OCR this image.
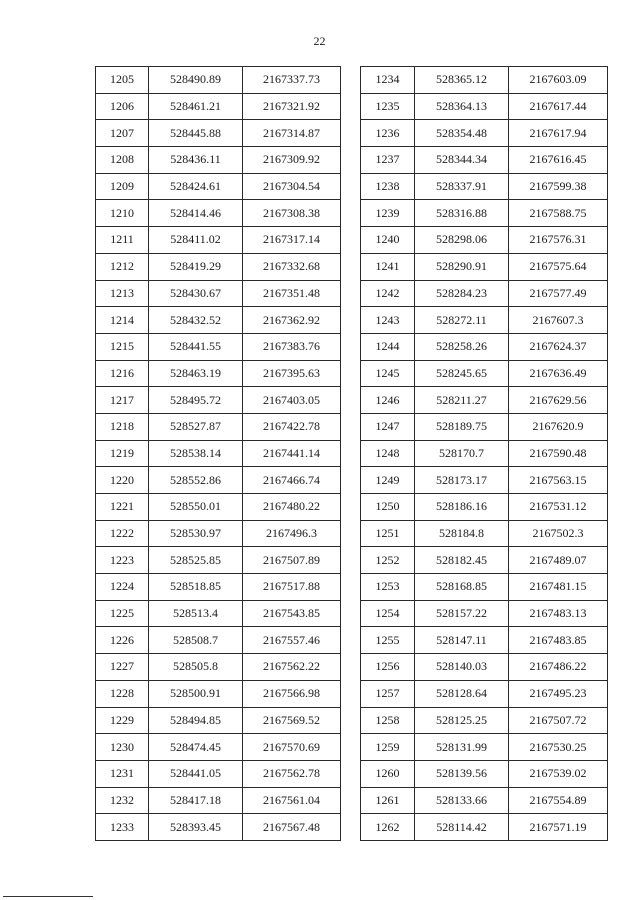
22
1205	528490.89	2167337.73
1206	528461.21	2167321.92
1207	528445.88	2167314.87
1208	528436.11	2167309.92
1209	528424.61	2167304.54
1210	528414.46	2167308.38
1211	528411.02	2167317.14
1212	528419.29	2167332.68
1213	528430.67	2167351.48
1214	528432.52	2167362.92
1215	528441.55	2167383.76
1216	528463.19	2167395.63
1217	528495.72	2167403.05
1218	528527.87	2167422.78
1219	528538.14	2167441.14
1220	528552.86	2167466.74
1221	528550.01	2167480.22
1222	528530.97	2167496.3
1223	528525.85	2167507.89
1224	528518.85	2167517.88
1225	528513.4	2167543.85
1226	528508.7	2167557.46
1227	528505.8	2167562.22
1228	528500.91	2167566.98
1229	528494.85	2167569.52
1230	528474.45	2167570.69
1231	528441.05	2167562.78
1232	528417.18	2167561.04
1233	528393.45	2167567.48
1234	528365.12	2167603.09
1235	528364.13	2167617.44
1236	528354.48	2167617.94
1237	528344.34	2167616.45
1238	528337.91	2167599.38
1239	528316.88	2167588.75
1240	528298.06	2167576.31
1241	528290.91	2167575.64
1242	528284.23	2167577.49
1243	528272.11	2167607.3
1244	528258.26	2167624.37
1245	528245.65	2167636.49
1246	528211.27	2167629.56
1247	528189.75	2167620.9
1248	528170.7	2167590.48
1249	528173.17	2167563.15
1250	528186.16	2167531.12
1251	528184.8	2167502.3
1252	528182.45	2167489.07
1253	528168.85	2167481.15
1254	528157.22	2167483.13
1255	528147.11	2167483.85
1256	528140.03	2167486.22
1257	528128.64	2167495.23
1258	528125.25	2167507.72
1259	528131.99	2167530.25
1260	528139.56	2167539.02
1261	528133.66	2167554.89
1262	528114.42	2167571.19
